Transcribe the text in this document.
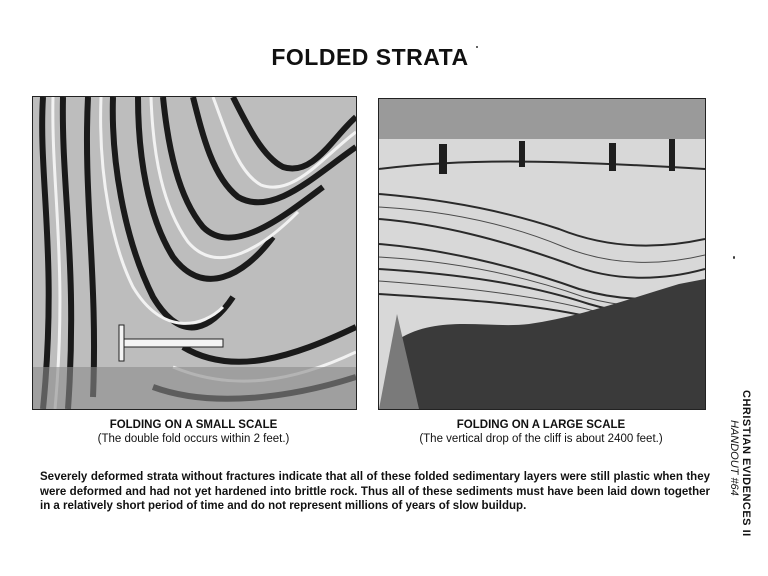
FOLDED STRATA
FOLDING ON A SMALL SCALE
(The double fold occurs within 2 feet.)
FOLDING ON A LARGE SCALE
(The vertical drop of the cliff is about 2400 feet.)
Severely deformed strata without fractures indicate that all of these folded sedimentary layers were still plastic when they were deformed and had not yet hardened into brittle rock. Thus all of these sediments must have been laid down together in a relatively short period of time and do not represent millions of years of slow buildup.	CHRISTIAN EVIDENCES II
HANDOUT #64
